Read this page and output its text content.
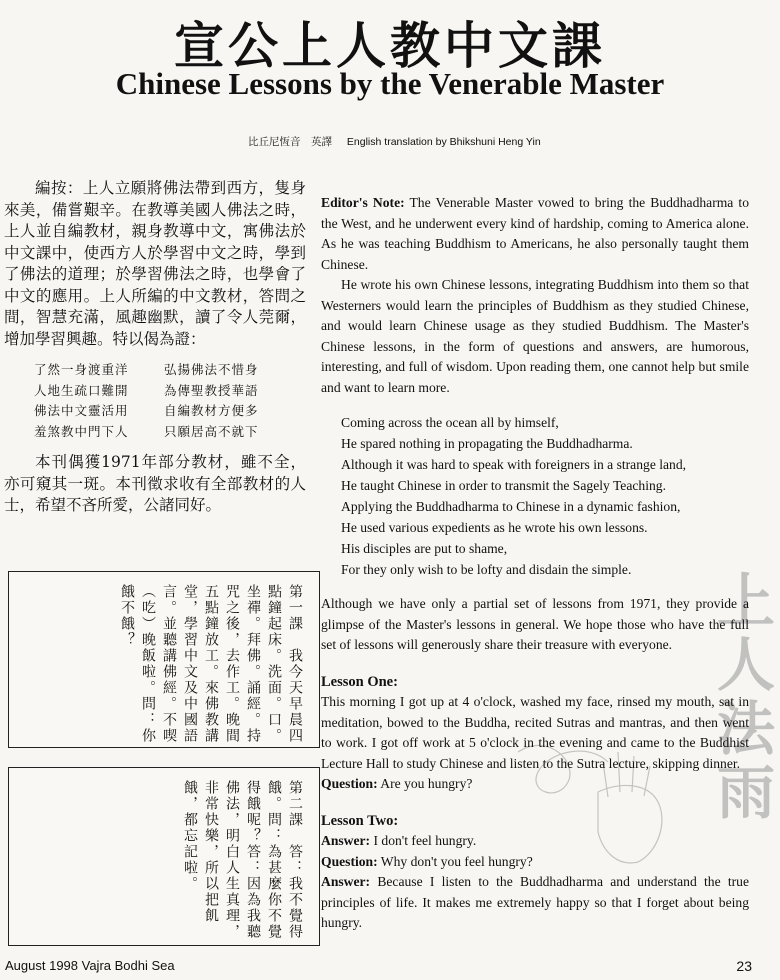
宣公上人教中文課
Chinese Lessons by the Venerable Master
比丘尼恆音　英譯 English translation by Bhikshuni Heng Yin

編按：上人立願將佛法帶到西方，隻身來美，備嘗艱辛。在教導美國人佛法之時，上人並自編教材，親身教導中文，寓佛法於中文課中，使西方人於學習中文之時，學到了佛法的道理；於學習佛法之時，也學會了中文的應用。上人所編的中文教材，答問之間，智慧充滿，風趣幽默，讀了令人莞爾，增加學習興趣。特以偈為證：

了然一身渡重洋	弘揚佛法不惜身
人地生疏口難開	為傳聖教授華語
佛法中文靈活用	自編教材方便多
羞煞教中門下人	只願居高不就下

本刊偶獲1971年部分教材，雖不全，亦可窺其一斑。本刊徵求收有全部教材的人士，希望不吝所愛，公諸同好。

第一課　我今天早晨四點鐘起床。洗面。口。坐禪。拜佛。誦經。持咒之後，去作工。晚間五點鐘放工。來佛教講堂，學習中文及中國語言。並聽講佛經。不喫（吃）晚飯啦。問：你餓不餓？
第二課　答：我不覺得餓。問：為甚麼你不覺得餓呢？答：因為我聽佛法，明白人生真理，非常快樂，所以把飢餓，都忘記啦。
上人法雨

Editor's Note: The Venerable Master vowed to bring the Buddhadharma to the West, and he underwent every kind of hardship, coming to America alone. As he was teaching Buddhism to Americans, he also personally taught them Chinese.

He wrote his own Chinese lessons, integrating Buddhism into them so that Westerners would learn the principles of Buddhism as they studied Chinese, and would learn Chinese usage as they studied Buddhism. The Master's Chinese lessons, in the form of questions and answers, are humorous, interesting, and full of wisdom. Upon reading them, one cannot help but smile and want to learn more.

Coming across the ocean all by himself,
He spared nothing in propagating the Buddhadharma.
Although it was hard to speak with foreigners in a strange land,
He taught Chinese in order to transmit the Sagely Teaching.
Applying the Buddhadharma to Chinese in a dynamic fashion,
He used various expedients as he wrote his own lessons.
His disciples are put to shame,
For they only wish to be lofty and disdain the simple.

Although we have only a partial set of lessons from 1971, they provide a glimpse of the Master's lessons in general. We hope those who have the full set of lessons will generously share their treasure with everyone.

Lesson One:

This morning I got up at 4 o'clock, washed my face, rinsed my mouth, sat in meditation, bowed to the Buddha, recited Sutras and mantras, and then went to work. I got off work at 5 o'clock in the evening and came to the Buddhist Lecture Hall to study Chinese and listen to the Sutra lecture, skipping dinner.

Question: Are you hungry?

Lesson Two:

Answer: I don't feel hungry.

Question: Why don't you feel hungry?

Answer: Because I listen to the Buddhadharma and understand the true principles of life. It makes me extremely happy so that I forget about being hungry.

August 1998 Vajra Bodhi Sea	23
